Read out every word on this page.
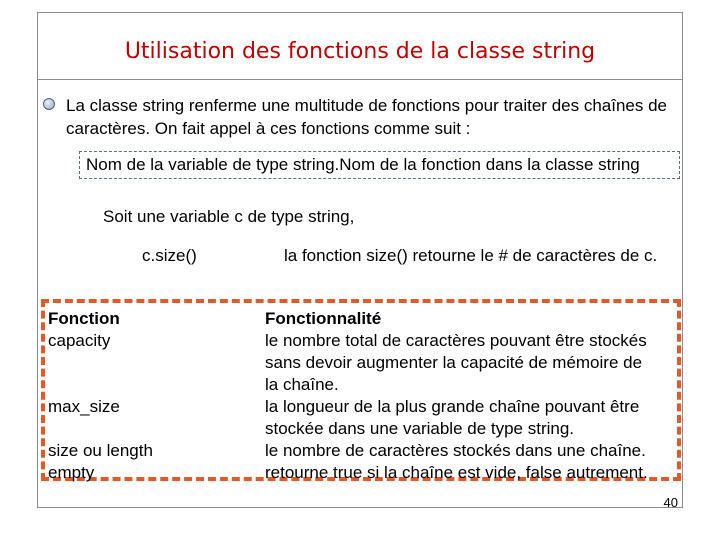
Utilisation des fonctions de la classe string
La classe string renferme une multitude de fonctions pour traiter des chaînes de caractères. On fait appel à ces fonctions comme suit :
Nom de la variable de type string.Nom de la fonction dans la classe string
Soit une variable c de type string,
c.size()	la fonction size() retourne le # de caractères de c.
Fonction
capacity

max_size

size ou length
empty
Fonctionnalité
le nombre total de caractères pouvant être stockés
sans devoir augmenter la capacité de mémoire de
la chaîne.
la longueur de la plus grande chaîne pouvant être
stockée dans une variable de type string.
le nombre de caractères stockés dans une chaîne.
retourne true si la chaîne est vide, false autrement.
40
